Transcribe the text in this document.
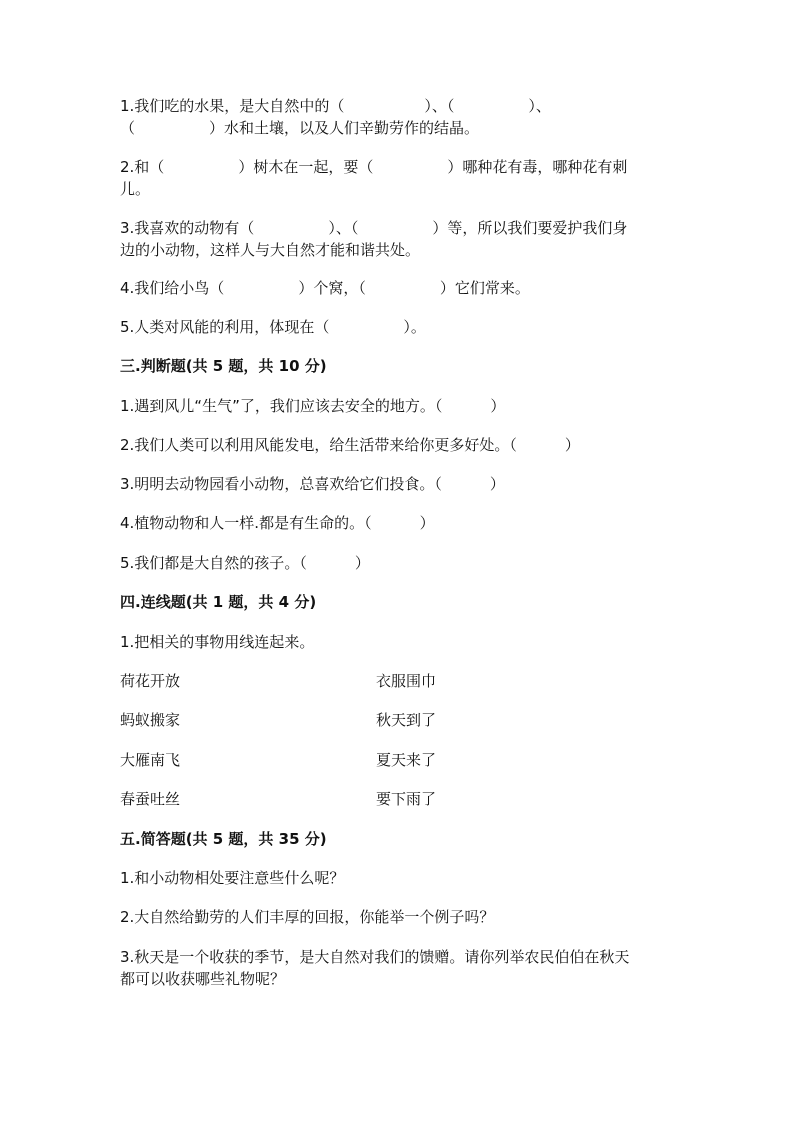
1.我们吃的水果，是大自然中的（	）、（	）、
（	）水和土壤，以及人们辛勤劳作的结晶。
2.和（	）树木在一起，要（	）哪种花有毒，哪种花有刺
儿。
3.我喜欢的动物有（	）、（	）等，所以我们要爱护我们身
边的小动物，这样人与大自然才能和谐共处。
4.我们给小鸟（	）个窝，（	）它们常来。
5.人类对风能的利用，体现在（	）。
三.判断题(共 5 题，共 10 分)
1.遇到风儿“生气”了，我们应该去安全的地方。（	）
2.我们人类可以利用风能发电，给生活带来给你更多好处。（	）
3.明明去动物园看小动物，总喜欢给它们投食。（	）
4.植物动物和人一样.都是有生命的。（	）
5.我们都是大自然的孩子。（	）
四.连线题(共 1 题，共 4 分)
1.把相关的事物用线连起来。
荷花开放	衣服围巾
蚂蚁搬家	秋天到了
大雁南飞	夏天来了
春蚕吐丝	要下雨了
五.简答题(共 5 题，共 35 分)
1.和小动物相处要注意些什么呢？
2.大自然给勤劳的人们丰厚的回报，你能举一个例子吗？
3.秋天是一个收获的季节，是大自然对我们的馈赠。请你列举农民伯伯在秋天
都可以收获哪些礼物呢？
